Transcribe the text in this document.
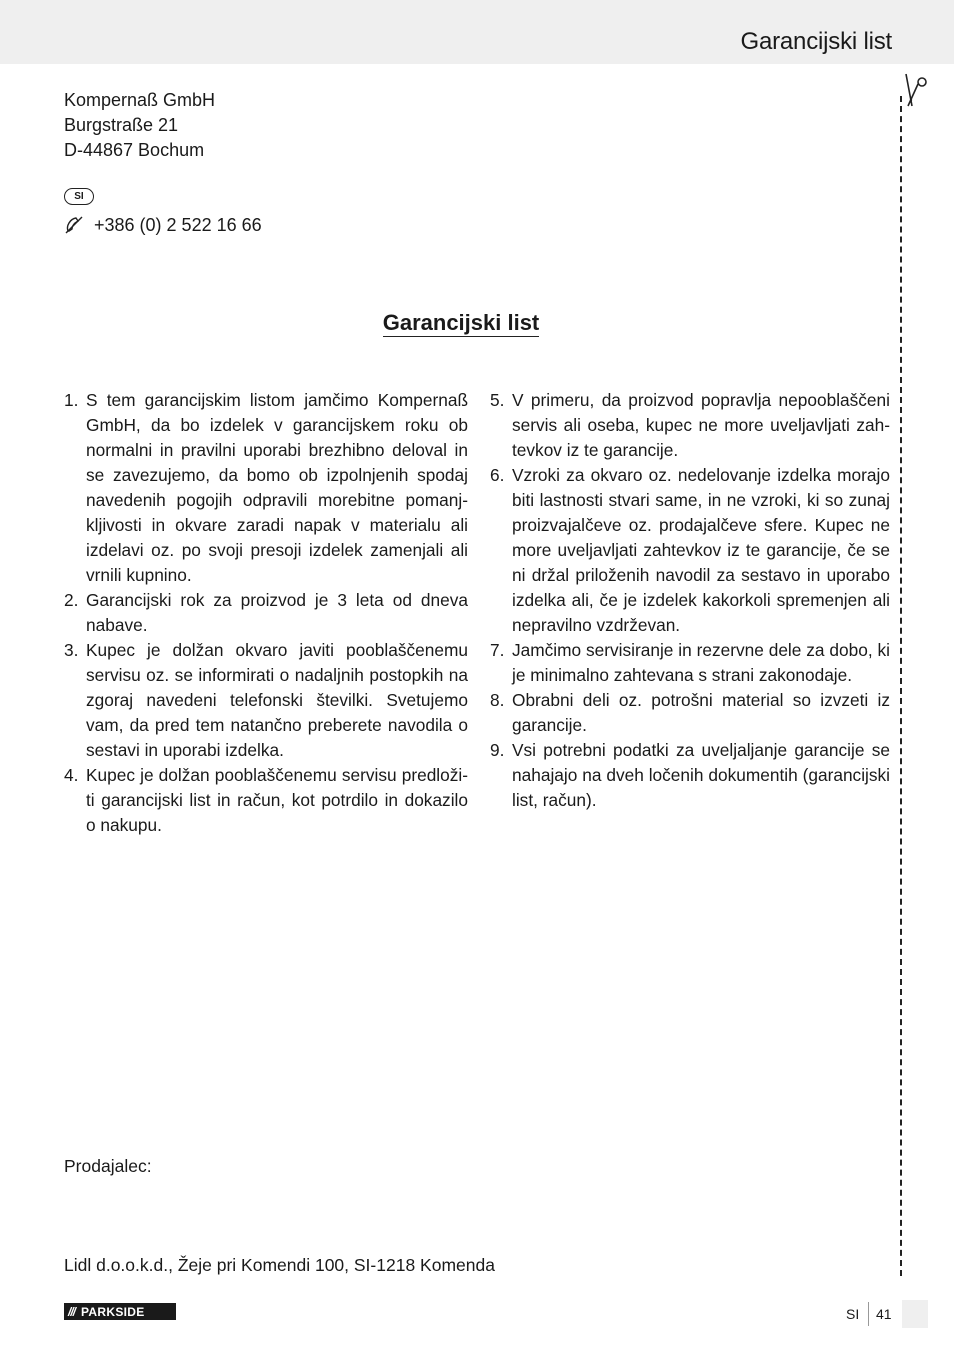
Garancijski list
Kompernaß GmbH
Burgstraße 21
D-44867 Bochum
SI
+386 (0) 2 522 16 66
Garancijski list
1. S tem garancijskim listom jamčimo Kompernaß GmbH, da bo izdelek v garancijskem roku ob normalni in pravilni uporabi brezhibno deloval in se zavezujemo, da bomo ob izpolnjenih spodaj navedenih pogojih odpravili morebitne pomanj-kljivosti in okvare zaradi napak v materialu ali izdelavi oz. po svoji presoji izdelek zamenjali ali vrnili kupnino.
2. Garancijski rok za proizvod je 3 leta od dneva nabave.
3. Kupec je dolžan okvaro javiti pooblaščenemu servisu oz. se informirati o nadaljnih postopkih na zgoraj navedeni telefonski številki. Svetujemo vam, da pred tem natančno preberete navodila o sestavi in uporabi izdelka.
4. Kupec je dolžan pooblaščenemu servisu predloži-ti garancijski list in račun, kot potrdilo in dokazilo o nakupu.
5. V primeru, da proizvod popravlja nepooblaščeni servis ali oseba, kupec ne more uveljavljati zah-tevkov iz te garancije.
6. Vzroki za okvaro oz. nedelovanje izdelka morajo biti lastnosti stvari same, in ne vzroki, ki so zunaj proizvajalčeve oz. prodajalčeve sfere. Kupec ne more uveljavljati zahtevkov iz te garancije, če se ni držal priloženih navodil za sestavo in uporabo izdelka ali, če je izdelek kakorkoli spremenjen ali nepravilno vzdrževan.
7. Jamčimo servisiranje in rezervne dele za dobo, ki je minimalno zahtevana s strani zakonodaje.
8. Obrabni deli oz. potrošni material so izvzeti iz garancije.
9. Vsi potrebni podatki za uveljaljanje garancije se nahajajo na dveh ločenih dokumentih (garancijski list, račun).
Prodajalec:
Lidl d.o.o.k.d., Žeje pri Komendi 100, SI-1218 Komenda
/// PARKSIDE	SI 41
